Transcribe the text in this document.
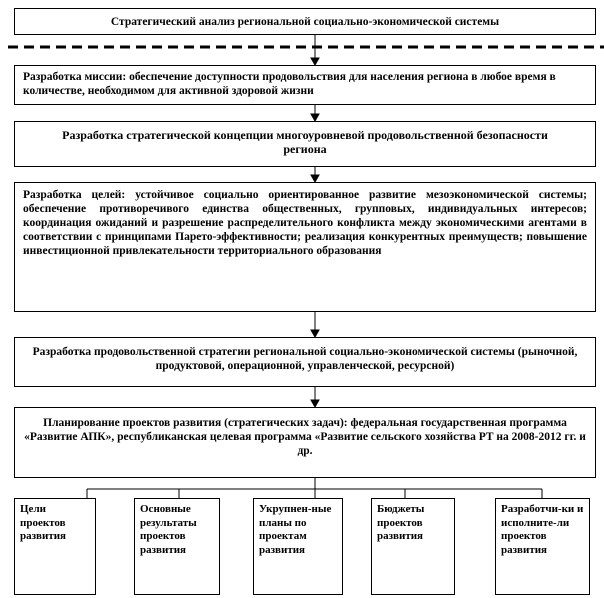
Стратегический анализ региональной социально-экономической системы
Разработка миссии: обеспечение доступности продовольствия для населения региона в любое время в количестве, необходимом для активной здоровой жизни
Разработка стратегической концепции многоуровневой продовольственной безопасности региона
Разработка целей: устойчивое социально ориентированное развитие мезоэкономической системы; обеспечение противоречивого единства общественных, групповых, индивидуальных интересов; координация ожиданий и разрешение распределительного конфликта между экономическими агентами в соответствии с принципами Парето-эффективности; реализация конкурентных преимуществ; повышение инвестиционной привлекательности территориального образования
Разработка продовольственной стратегии региональной социально-экономической системы (рыночной, продуктовой, операционной, управленческой, ресурсной)
Планирование проектов развития (стратегических задач): федеральная государственная программа «Развитие АПК», республиканская целевая программа «Развитие сельского хозяйства РТ на 2008-2012 гг. и др.
Цели проектов развития
Основные результаты проектов развития
Укрупнен-ные планы по проектам развития
Бюджеты проектов развития
Разработчи-ки и исполните-ли проектов развития
